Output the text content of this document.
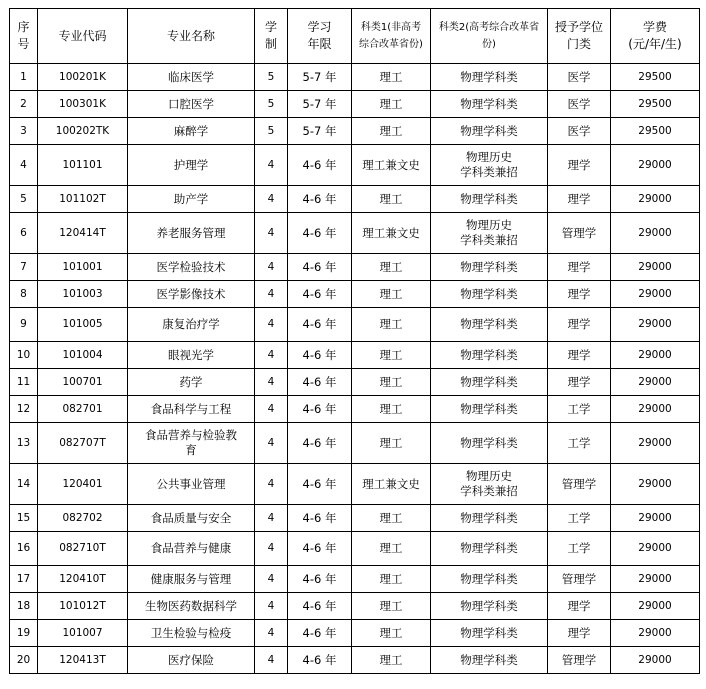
序
号	专业代码	专业名称	学
制	学习
年限	科类1(非高考
综合改革省份)	科类2(高考综合改革省
份)	授予学位
门类	学费
(元/年/生)
1	100201K	临床医学	5	5-7 年	理工	物理学科类	医学	29500
2	100301K	口腔医学	5	5-7 年	理工	物理学科类	医学	29500
3	100202TK	麻醉学	5	5-7 年	理工	物理学科类	医学	29500
4	101101	护理学	4	4-6 年	理工兼文史	物理历史
学科类兼招	理学	29000
5	101102T	助产学	4	4-6 年	理工	物理学科类	理学	29000
6	120414T	养老服务管理	4	4-6 年	理工兼文史	物理历史
学科类兼招	管理学	29000
7	101001	医学检验技术	4	4-6 年	理工	物理学科类	理学	29000
8	101003	医学影像技术	4	4-6 年	理工	物理学科类	理学	29000
9	101005	康复治疗学	4	4-6 年	理工	物理学科类	理学	29000
10	101004	眼视光学	4	4-6 年	理工	物理学科类	理学	29000
11	100701	药学	4	4-6 年	理工	物理学科类	理学	29000
12	082701	食品科学与工程	4	4-6 年	理工	物理学科类	工学	29000
13	082707T	食品营养与检验教
育	4	4-6 年	理工	物理学科类	工学	29000
14	120401	公共事业管理	4	4-6 年	理工兼文史	物理历史
学科类兼招	管理学	29000
15	082702	食品质量与安全	4	4-6 年	理工	物理学科类	工学	29000
16	082710T	食品营养与健康	4	4-6 年	理工	物理学科类	工学	29000
17	120410T	健康服务与管理	4	4-6 年	理工	物理学科类	管理学	29000
18	101012T	生物医药数据科学	4	4-6 年	理工	物理学科类	理学	29000
19	101007	卫生检验与检疫	4	4-6 年	理工	物理学科类	理学	29000
20	120413T	医疗保险	4	4-6 年	理工	物理学科类	管理学	29000
